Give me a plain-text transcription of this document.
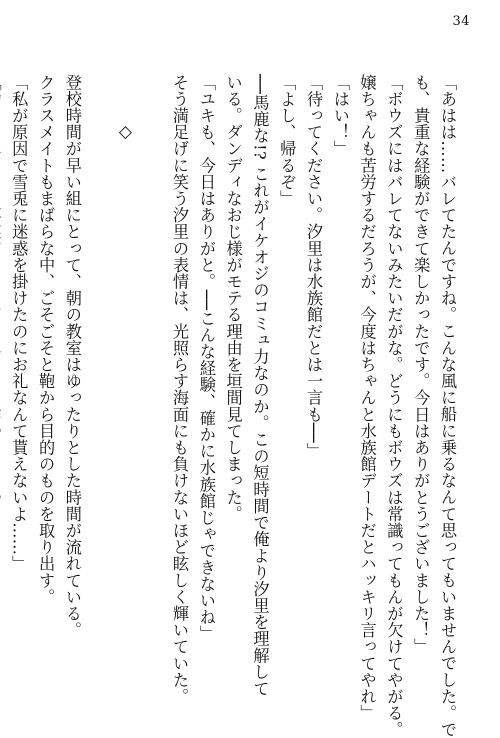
34
「あはは……バレてたんですね。こんな風に船に乗るなんて思ってもいませんでした。で
も、貴重な経験ができて楽しかったです。今日はありがとうございました！」
「ボウズにはバレてないみたいだがな。どうにもボウズは常識ってもんが欠けてやがる。
嬢ちゃんも苦労するだろうが、今度はちゃんと水族館デートだとハッキリ言ってやれ」
「はい！」
「待ってください。汐里は水族館だとは一言も──」
「よし、帰るぞ」
──馬鹿な!? これがイケオジのコミュ力なのか。この短時間で俺より汐里を理解して
いる。ダンディなおじ様がモテる理由を垣間見てしまった。
「ユキも、今日はありがと。──こんな経験、確かに水族館じゃできないね」
そう満足げに笑う汐里の表情は、光照らす海面にも負けないほど眩しく輝いていた。
◇
登校時間が早い組にとって、朝の教室はゆったりとした時間が流れている。
クラスメイトもまばらな中、ごそごそと鞄から目的のものを取り出す。
「私が原因で雪兎に迷惑を掛けたのにお礼なんて貰えないよ……」
